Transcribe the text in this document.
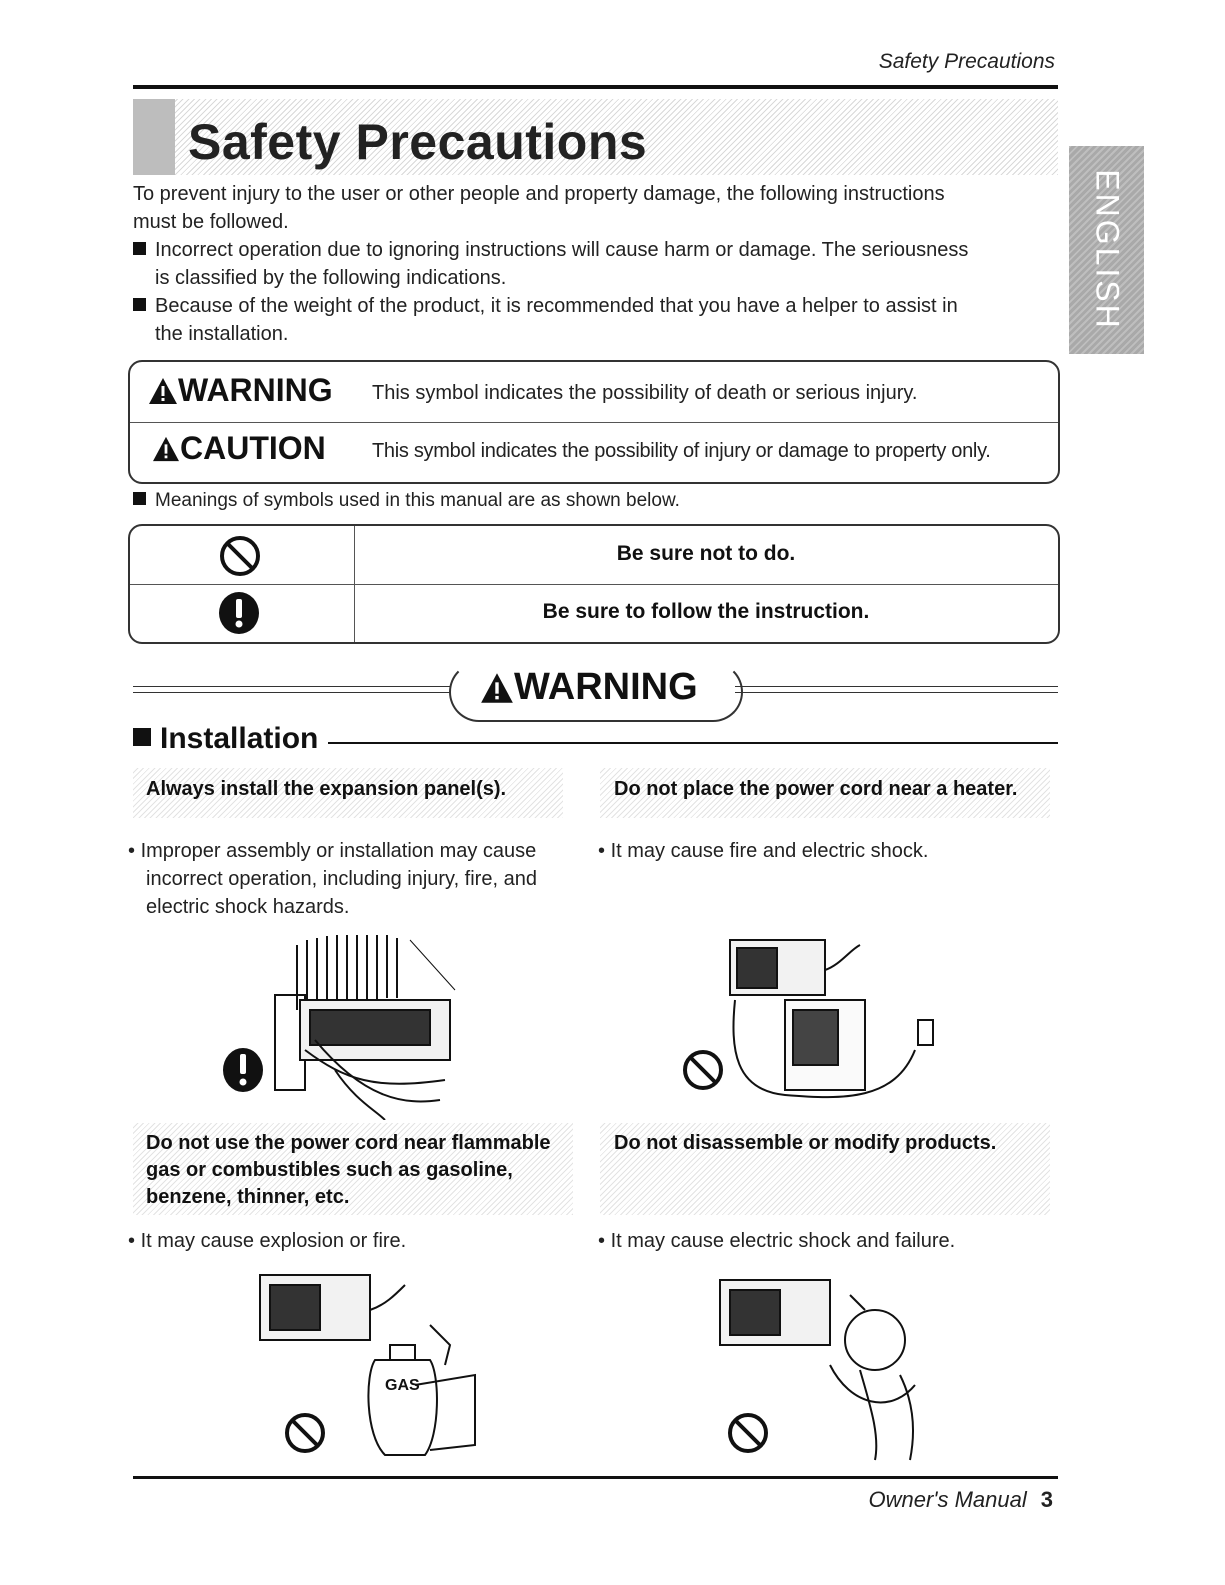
Safety Precautions
Safety Precautions
ENGLISH
To prevent injury to the user or other people and property damage, the following instructions
must be followed.
Incorrect operation due to ignoring instructions will cause harm or damage. The seriousness
is classified by the following indications.
Because of the weight of the product, it is recommended that you have a helper to assist in
the installation.
WARNING This symbol indicates the possibility of death or serious injury.
CAUTION This symbol indicates the possibility of injury or damage to property only.
Meanings of symbols used in this manual are as shown below.
Be sure not to do.
Be sure to follow the instruction.
WARNING
Installation
Always install the expansion panel(s).
• Improper assembly or installation may cause
incorrect operation, including injury, fire, and
electric shock hazards.
Do not place the power cord near a heater.
• It may cause fire and electric shock.
Do not use the power cord near flammable
gas or combustibles such as gasoline,
benzene, thinner, etc.
• It may cause explosion or fire.
GAS
Do not disassemble or modify products.
• It may cause electric shock and failure.
Owner's Manual 3
